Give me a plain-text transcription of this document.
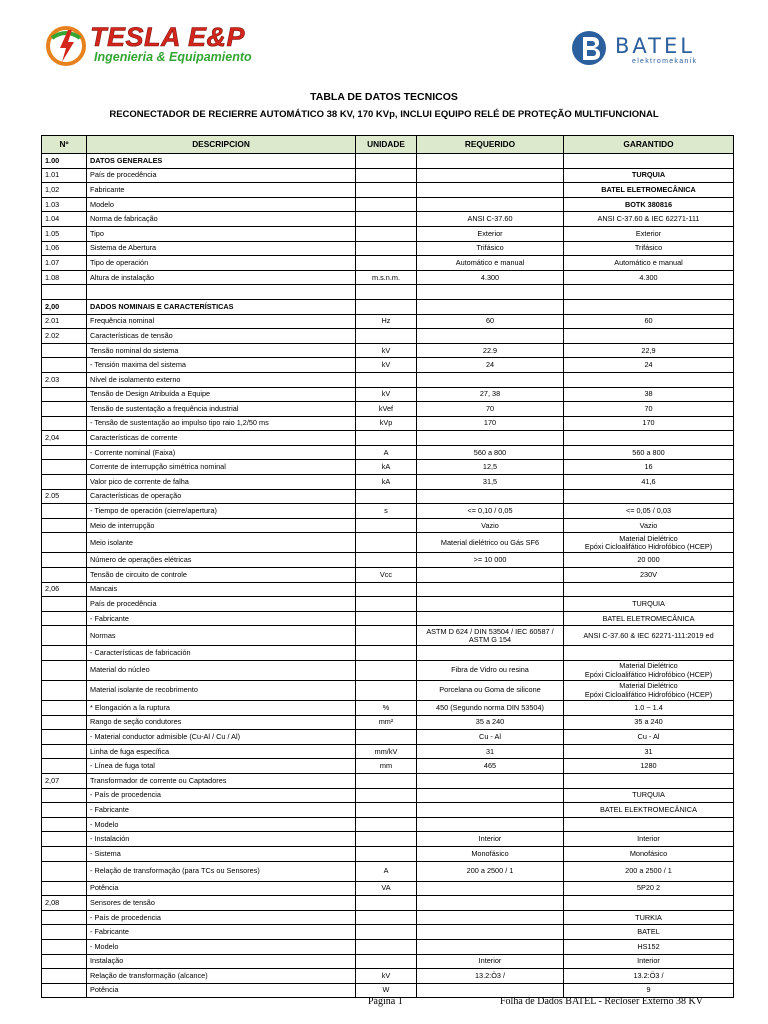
TESLA E&P
Ingenieria & Equipamiento	BATEL
elektromekanik
TABLA DE DATOS TECNICOS
RECONECTADOR DE RECIERRE AUTOMÁTICO 38 KV, 170 KVp, INCLUI EQUIPO RELÉ DE PROTEÇÃO MULTIFUNCIONAL
Nº	DESCRIPCION	UNIDADE	REQUERIDO	GARANTIDO
1.00	DATOS GENERALES			
1.01	País de procedência			TURQUIA
1,02	Fabricante			BATEL ELETROMECÂNICA
1.03	Modelo			BOTK 380816
1.04	Norma de fabricação		ANSI C-37.60	ANSI C-37.60 & IEC 62271-111
1.05	Tipo		Exterior	Exterior
1,06	Sistema de Abertura		Trifásico	Trifásico
1.07	Tipo de operación		Automático e manual	Automático e manual
1.08	Altura de instalação	m.s.n.m.	4.300	4.300

2,00	DADOS NOMINAIS E CARACTERÍSTICAS			
2.01	Frequência nominal	Hz	60	60
2.02	Características de tensão			
	Tensão nominal do sistema	kV	22.9	22,9
	- Tensión maxima del sistema	kV	24	24
2.03	Nível de isolamento externo			
	Tensão de Design Atribuída a Equipe	kV	27, 38	38
	Tensão de sustentação a frequência industrial	kVef	70	70
	- Tensão de sustentação ao impulso tipo raio 1,2/50 ms	kVp	170	170
2,04	Características de corrente			
	- Corrente nominal (Faixa)	A	560 a 800	560 a 800
	Corrente de interrupção simétrica nominal	kA	12,5	16
	Valor pico de corrente de falha	kA	31,5	41,6
2.05	Características de operação			
	- Tiempo de operación (cierre/apertura)	s	<= 0,10 / 0,05	<= 0,05 / 0,03
	Meio de interrupção		Vazio	Vazio
	Meio isolante		Material dielétrico ou Gás SF6	Material Dielétrico
Epóxi Cicloalifático Hidrofóbico (HCEP)
	Número de operações elétricas		>= 10 000	20 000
	Tensão de circuito de controle	Vcc		230V
2,06	Mancais			
	País de procedência			TURQUIA
	- Fabricante			BATEL ELETROMECÂNICA
	Normas		ASTM D 624 / DIN 53504 / IEC 60587 /
ASTM G 154	ANSI C-37.60 & IEC 62271-111:2019 ed
	- Características de fabricación			
	Material do núcleo		Fibra de Vidro ou resina	Material Dielétrico
Epóxi Cicloalifático Hidrofóbico (HCEP)
	Material isolante de recobrimento		Porcelana ou Goma de silicone	Material Dielétrico
Epóxi Cicloalifático Hidrofóbico (HCEP)
	* Elongación a la ruptura	%	450 (Segundo norma DIN 53504)	1.0 ~ 1.4
	Rango de seção condutores	mm²	35 a 240	35 a 240
	- Material conductor admisible (Cu-Al / Cu / Al)		Cu - Al	Cu - Al
	Linha de fuga específica	mm/kV	31	31
	- Línea de fuga total	mm	465	1280
2,07	Transformador de corrente ou Captadores			
	- País de procedencia			TURQUIA
	- Fabricante			BATEL ELEKTROMECÂNICA
	- Modelo			
	- Instalación		Interior	Interior
	- Sistema		Monofásico	Monofásico
	- Relação de transformação (para TCs ou Sensores)	A	200 a 2500 / 1	200 a 2500 / 1
	Potência	VA		5P20 2
2,08	Sensores de tensão			
	- País de procedencia			TURKIA
	- Fabricante			BATEL
	- Modelo			HS152
	Instalação		Interior	Interior
	Relação de transformação (alcance)	kV	13.2:Ö3 /	13.2:Ö3 /
	Potência	W		9
Página 1	Folha de Dados BATEL - Recloser Externo 38 KV
